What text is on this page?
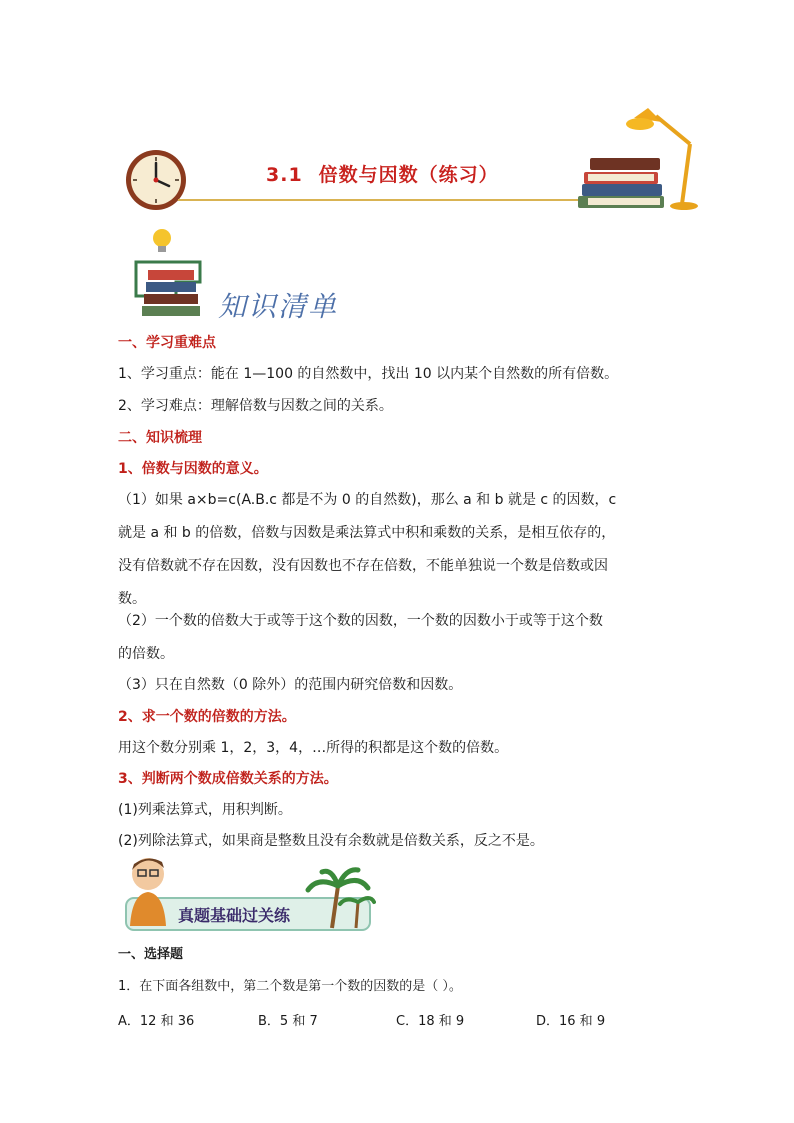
3.1 倍数与因数（练习）
知识清单
一、学习重难点
1、学习重点：能在 1—100 的自然数中，找出 10 以内某个自然数的所有倍数。
2、学习难点：理解倍数与因数之间的关系。
二、知识梳理
1、倍数与因数的意义。
（1）如果 a×b=c(A.B.c 都是不为 0 的自然数)，那么 a 和 b 就是 c 的因数，c
就是 a 和 b 的倍数，倍数与因数是乘法算式中积和乘数的关系，是相互依存的，
没有倍数就不存在因数，没有因数也不存在倍数，不能单独说一个数是倍数或因
数。
（2）一个数的倍数大于或等于这个数的因数，一个数的因数小于或等于这个数
的倍数。
（3）只在自然数（0 除外）的范围内研究倍数和因数。
2、求一个数的倍数的方法。
用这个数分别乘 1，2，3，4，…所得的积都是这个数的倍数。
3、判断两个数成倍数关系的方法。
(1)列乘法算式，用积判断。
(2)列除法算式，如果商是整数且没有余数就是倍数关系，反之不是。
真题基础过关练
一、选择题
1．在下面各组数中，第二个数是第一个数的因数的是（ ）。
A．12 和 36	B．5 和 7	C．18 和 9	D．16 和 9
